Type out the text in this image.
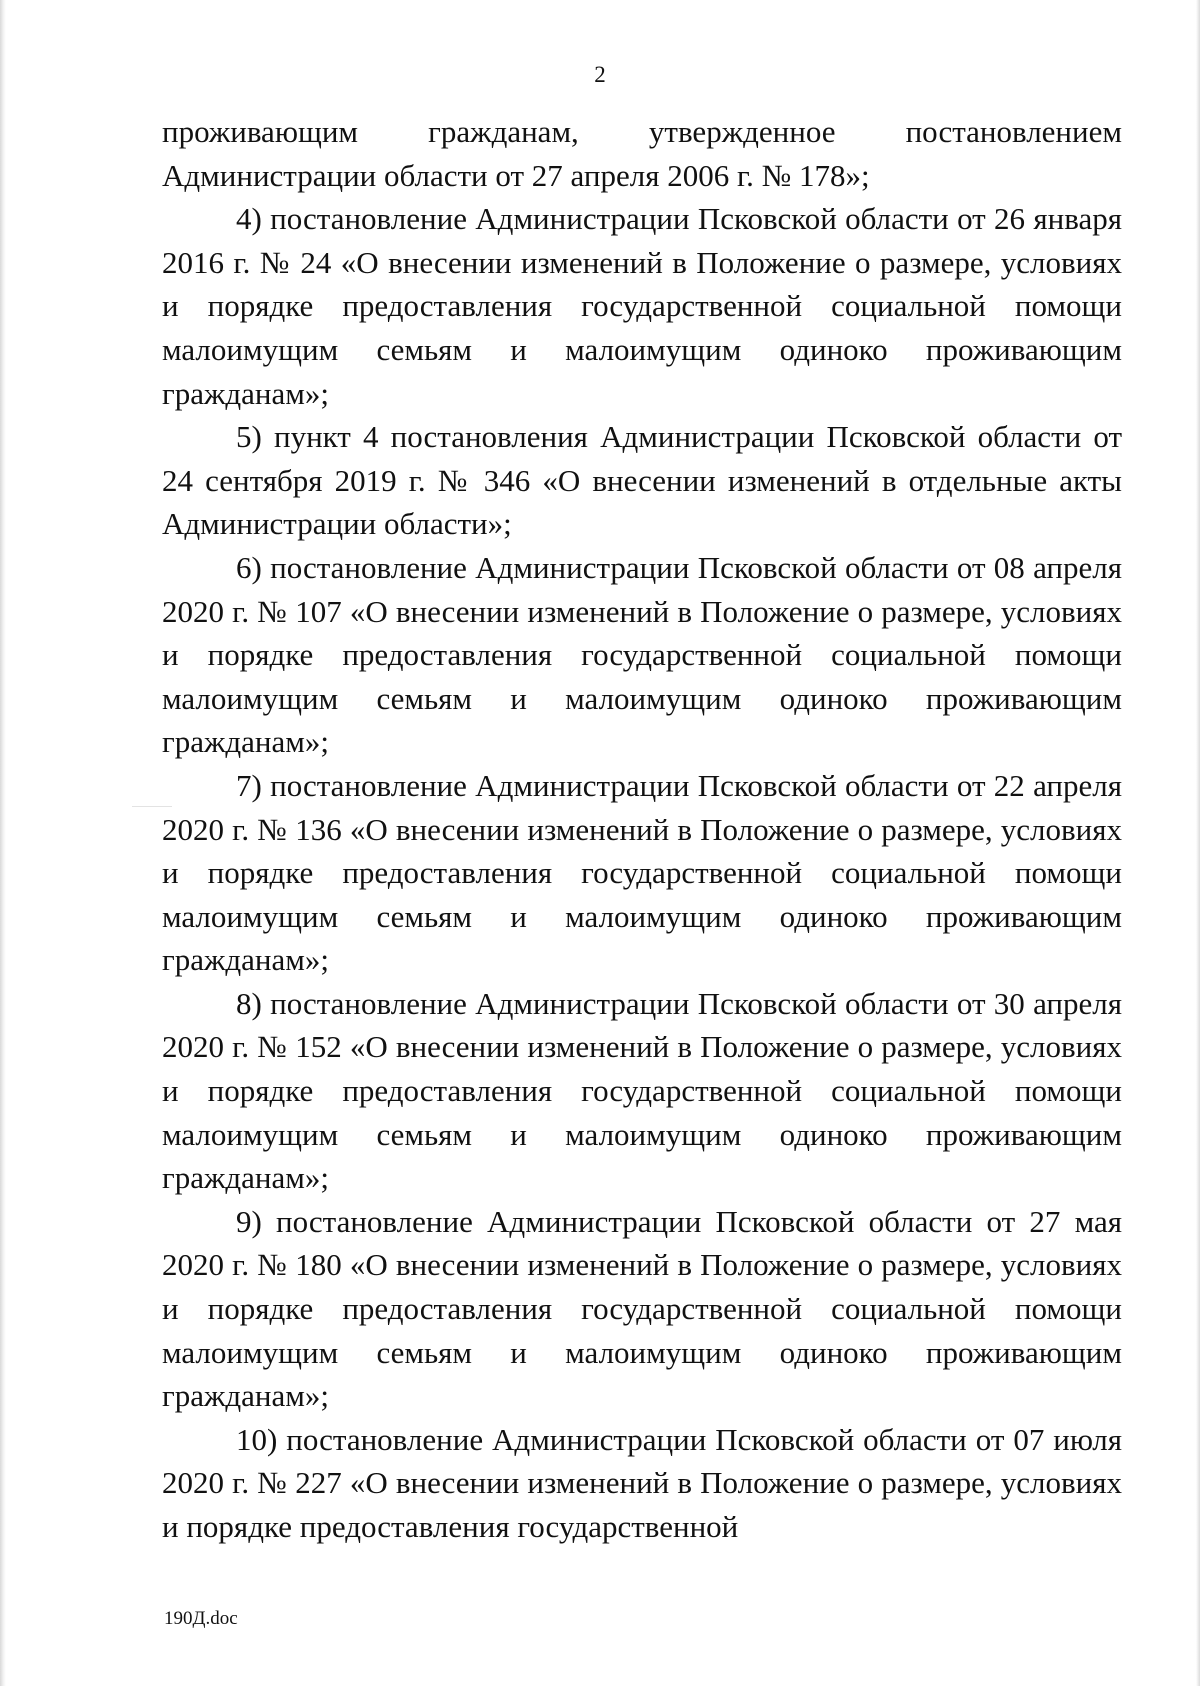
2

проживающим гражданам, утвержденное постановлением Администрации области от 27 апреля 2006 г. № 178»;

4) постановление Администрации Псковской области от 26 января 2016 г. № 24 «О внесении изменений в Положение о размере, условиях и порядке предоставления государственной социальной помощи малоимущим семьям и малоимущим одиноко проживающим гражданам»;

5) пункт 4 постановления Администрации Псковской области от 24 сентября 2019 г. № 346 «О внесении изменений в отдельные акты Администрации области»;

6) постановление Администрации Псковской области от 08 апреля 2020 г. № 107 «О внесении изменений в Положение о размере, условиях и порядке предоставления государственной социальной помощи малоимущим семьям и малоимущим одиноко проживающим гражданам»;

7) постановление Администрации Псковской области от 22 апреля 2020 г. № 136 «О внесении изменений в Положение о размере, условиях и порядке предоставления государственной социальной помощи малоимущим семьям и малоимущим одиноко проживающим гражданам»;

8) постановление Администрации Псковской области от 30 апреля 2020 г. № 152 «О внесении изменений в Положение о размере, условиях и порядке предоставления государственной социальной помощи малоимущим семьям и малоимущим одиноко проживающим гражданам»;

9) постановление Администрации Псковской области от 27 мая 2020 г. № 180 «О внесении изменений в Положение о размере, условиях и порядке предоставления государственной социальной помощи малоимущим семьям и малоимущим одиноко проживающим гражданам»;

10) постановление Администрации Псковской области от 07 июля 2020 г. № 227 «О внесении изменений в Положение о размере, условиях и порядке предоставления государственной

190Д.doc
